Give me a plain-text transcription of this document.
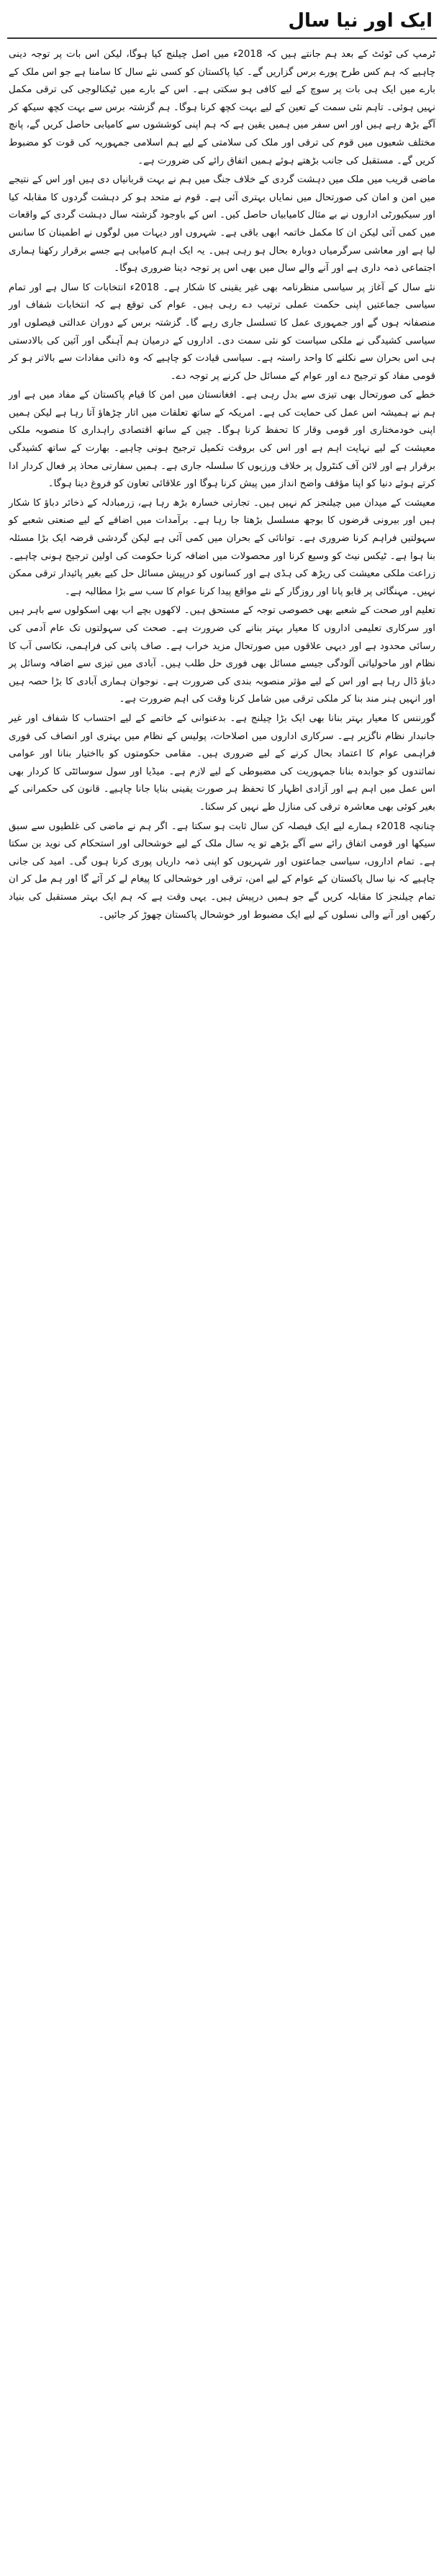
ایک اور نیا سال

ٹرمپ کی ٹوئٹ کے بعد ہم جانتے ہیں کہ 2018ء میں اصل چیلنج کیا ہوگا، لیکن اس بات پر توجہ دینی چاہیے کہ ہم کس طرح پورے برس گزاریں گے۔ کیا پاکستان کو کسی نئے سال کا سامنا ہے جو اس ملک کے بارے میں ایک ہی بات پر سوچ کے لیے کافی ہو سکتی ہے۔ اس کے بارے میں ٹیکنالوجی کی ترقی مکمل نہیں ہوئی۔ تاہم نئی سمت کے تعین کے لیے بہت کچھ کرنا ہوگا۔ ہم گزشتہ برس سے بہت کچھ سیکھ کر آگے بڑھ رہے ہیں اور اس سفر میں ہمیں یقین ہے کہ ہم اپنی کوششوں سے کامیابی حاصل کریں گے، پانچ مختلف شعبوں میں قوم کی ترقی اور ملک کی سلامتی کے لیے ہم اسلامی جمہوریہ کی قوت کو مضبوط کریں گے۔ مستقبل کی جانب بڑھتے ہوئے ہمیں اتفاق رائے کی ضرورت ہے۔

ماضی قریب میں ملک میں دہشت گردی کے خلاف جنگ میں ہم نے بہت قربانیاں دی ہیں اور اس کے نتیجے میں امن و امان کی صورتحال میں نمایاں بہتری آئی ہے۔ قوم نے متحد ہو کر دہشت گردوں کا مقابلہ کیا اور سیکیورٹی اداروں نے بے مثال کامیابیاں حاصل کیں۔ اس کے باوجود گزشتہ سال دہشت گردی کے واقعات میں کمی آئی لیکن ان کا مکمل خاتمہ ابھی باقی ہے۔ شہروں اور دیہات میں لوگوں نے اطمینان کا سانس لیا ہے اور معاشی سرگرمیاں دوبارہ بحال ہو رہی ہیں۔ یہ ایک اہم کامیابی ہے جسے برقرار رکھنا ہماری اجتماعی ذمہ داری ہے اور آنے والے سال میں بھی اس پر توجہ دینا ضروری ہوگا۔

نئے سال کے آغاز پر سیاسی منظرنامہ بھی غیر یقینی کا شکار ہے۔ 2018ء انتخابات کا سال ہے اور تمام سیاسی جماعتیں اپنی حکمت عملی ترتیب دے رہی ہیں۔ عوام کی توقع ہے کہ انتخابات شفاف اور منصفانہ ہوں گے اور جمہوری عمل کا تسلسل جاری رہے گا۔ گزشتہ برس کے دوران عدالتی فیصلوں اور سیاسی کشیدگی نے ملکی سیاست کو نئی سمت دی۔ اداروں کے درمیان ہم آہنگی اور آئین کی بالادستی ہی اس بحران سے نکلنے کا واحد راستہ ہے۔ سیاسی قیادت کو چاہیے کہ وہ ذاتی مفادات سے بالاتر ہو کر قومی مفاد کو ترجیح دے اور عوام کے مسائل حل کرنے پر توجہ دے۔

خطے کی صورتحال بھی تیزی سے بدل رہی ہے۔ افغانستان میں امن کا قیام پاکستان کے مفاد میں ہے اور ہم نے ہمیشہ اس عمل کی حمایت کی ہے۔ امریکہ کے ساتھ تعلقات میں اتار چڑھاؤ آتا رہا ہے لیکن ہمیں اپنی خودمختاری اور قومی وقار کا تحفظ کرنا ہوگا۔ چین کے ساتھ اقتصادی راہداری کا منصوبہ ملکی معیشت کے لیے نہایت اہم ہے اور اس کی بروقت تکمیل ترجیح ہونی چاہیے۔ بھارت کے ساتھ کشیدگی برقرار ہے اور لائن آف کنٹرول پر خلاف ورزیوں کا سلسلہ جاری ہے۔ ہمیں سفارتی محاذ پر فعال کردار ادا کرتے ہوئے دنیا کو اپنا مؤقف واضح انداز میں پیش کرنا ہوگا اور علاقائی تعاون کو فروغ دینا ہوگا۔

معیشت کے میدان میں چیلنجز کم نہیں ہیں۔ تجارتی خسارہ بڑھ رہا ہے، زرمبادلہ کے ذخائر دباؤ کا شکار ہیں اور بیرونی قرضوں کا بوجھ مسلسل بڑھتا جا رہا ہے۔ برآمدات میں اضافے کے لیے صنعتی شعبے کو سہولتیں فراہم کرنا ضروری ہے۔ توانائی کے بحران میں کمی آئی ہے لیکن گردشی قرضہ ایک بڑا مسئلہ بنا ہوا ہے۔ ٹیکس نیٹ کو وسیع کرنا اور محصولات میں اضافہ کرنا حکومت کی اولین ترجیح ہونی چاہیے۔ زراعت ملکی معیشت کی ریڑھ کی ہڈی ہے اور کسانوں کو درپیش مسائل حل کیے بغیر پائیدار ترقی ممکن نہیں۔ مہنگائی پر قابو پانا اور روزگار کے نئے مواقع پیدا کرنا عوام کا سب سے بڑا مطالبہ ہے۔

تعلیم اور صحت کے شعبے بھی خصوصی توجہ کے مستحق ہیں۔ لاکھوں بچے اب بھی اسکولوں سے باہر ہیں اور سرکاری تعلیمی اداروں کا معیار بہتر بنانے کی ضرورت ہے۔ صحت کی سہولتوں تک عام آدمی کی رسائی محدود ہے اور دیہی علاقوں میں صورتحال مزید خراب ہے۔ صاف پانی کی فراہمی، نکاسی آب کا نظام اور ماحولیاتی آلودگی جیسے مسائل بھی فوری حل طلب ہیں۔ آبادی میں تیزی سے اضافہ وسائل پر دباؤ ڈال رہا ہے اور اس کے لیے مؤثر منصوبہ بندی کی ضرورت ہے۔ نوجوان ہماری آبادی کا بڑا حصہ ہیں اور انہیں ہنر مند بنا کر ملکی ترقی میں شامل کرنا وقت کی اہم ضرورت ہے۔

گورننس کا معیار بہتر بنانا بھی ایک بڑا چیلنج ہے۔ بدعنوانی کے خاتمے کے لیے احتساب کا شفاف اور غیر جانبدار نظام ناگزیر ہے۔ سرکاری اداروں میں اصلاحات، پولیس کے نظام میں بہتری اور انصاف کی فوری فراہمی عوام کا اعتماد بحال کرنے کے لیے ضروری ہیں۔ مقامی حکومتوں کو بااختیار بنانا اور عوامی نمائندوں کو جوابدہ بنانا جمہوریت کی مضبوطی کے لیے لازم ہے۔ میڈیا اور سول سوسائٹی کا کردار بھی اس عمل میں اہم ہے اور آزادی اظہار کا تحفظ ہر صورت یقینی بنایا جانا چاہیے۔ قانون کی حکمرانی کے بغیر کوئی بھی معاشرہ ترقی کی منازل طے نہیں کر سکتا۔

چنانچہ 2018ء ہمارے لیے ایک فیصلہ کن سال ثابت ہو سکتا ہے۔ اگر ہم نے ماضی کی غلطیوں سے سبق سیکھا اور قومی اتفاق رائے سے آگے بڑھے تو یہ سال ملک کے لیے خوشحالی اور استحکام کی نوید بن سکتا ہے۔ تمام اداروں، سیاسی جماعتوں اور شہریوں کو اپنی ذمہ داریاں پوری کرنا ہوں گی۔ امید کی جانی چاہیے کہ نیا سال پاکستان کے عوام کے لیے امن، ترقی اور خوشحالی کا پیغام لے کر آئے گا اور ہم مل کر ان تمام چیلنجز کا مقابلہ کریں گے جو ہمیں درپیش ہیں۔ یہی وقت ہے کہ ہم ایک بہتر مستقبل کی بنیاد رکھیں اور آنے والی نسلوں کے لیے ایک مضبوط اور خوشحال پاکستان چھوڑ کر جائیں۔
